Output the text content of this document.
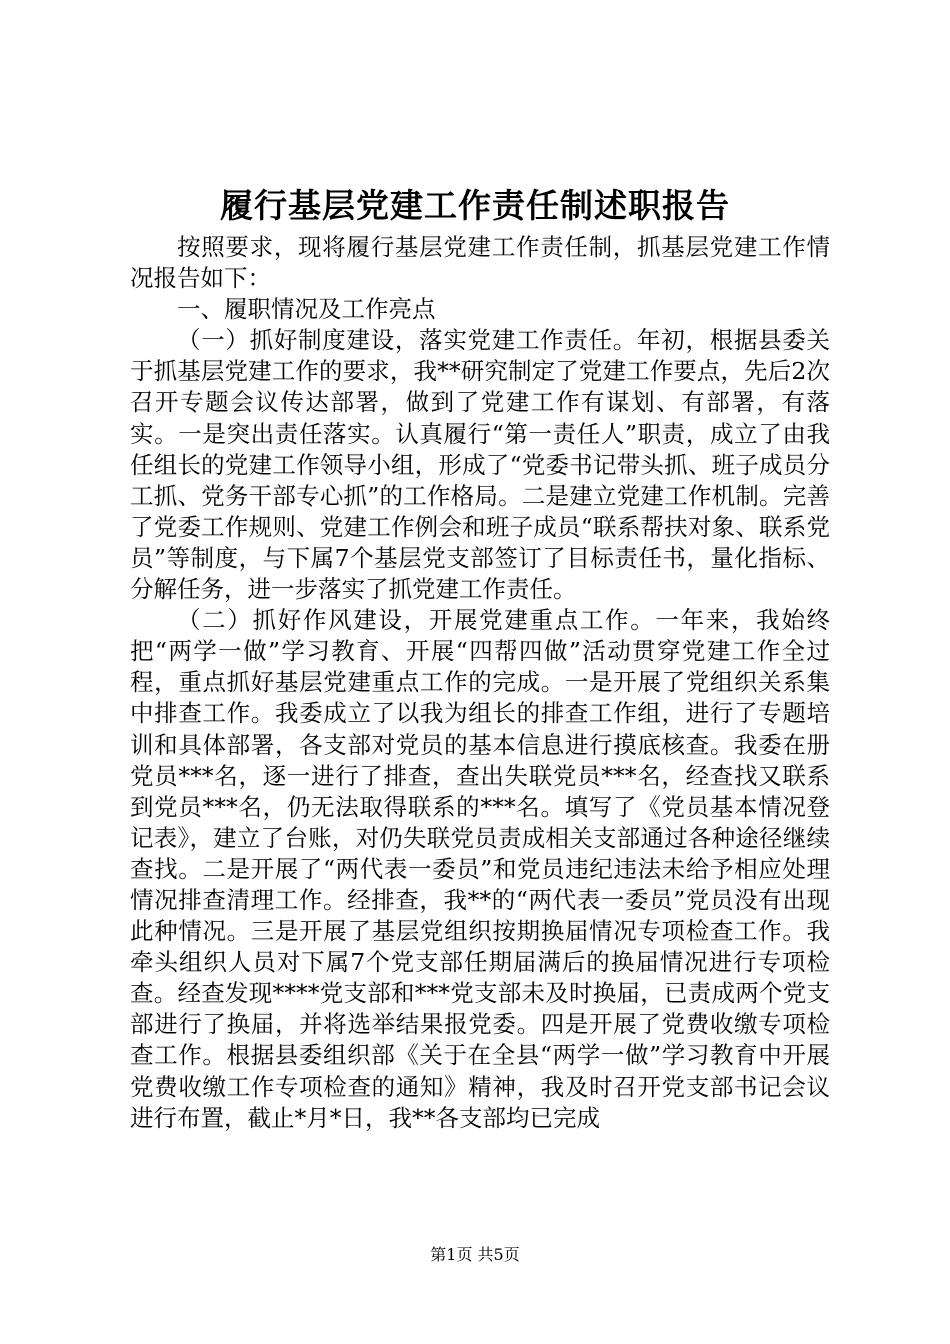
履行基层党建工作责任制述职报告

按照要求，现将履行基层党建工作责任制，抓基层党建工作情况报告如下：

一、履职情况及工作亮点

（一）抓好制度建设，落实党建工作责任。年初，根据县委关于抓基层党建工作的要求，我**研究制定了党建工作要点，先后2次召开专题会议传达部署，做到了党建工作有谋划、有部署，有落实。一是突出责任落实。认真履行“第一责任人”职责，成立了由我任组长的党建工作领导小组，形成了“党委书记带头抓、班子成员分工抓、党务干部专心抓”的工作格局。二是建立党建工作机制。完善了党委工作规则、党建工作例会和班子成员“联系帮扶对象、联系党员”等制度，与下属7个基层党支部签订了目标责任书，量化指标、分解任务，进一步落实了抓党建工作责任。

（二）抓好作风建设，开展党建重点工作。一年来，我始终把“两学一做”学习教育、开展“四帮四做”活动贯穿党建工作全过程，重点抓好基层党建重点工作的完成。一是开展了党组织关系集中排查工作。我委成立了以我为组长的排查工作组，进行了专题培训和具体部署，各支部对党员的基本信息进行摸底核查。我委在册党员***名，逐一进行了排查，查出失联党员***名，经查找又联系到党员***名，仍无法取得联系的***名。填写了《党员基本情况登记表》，建立了台账，对仍失联党员责成相关支部通过各种途径继续查找。二是开展了“两代表一委员”和党员违纪违法未给予相应处理情况排查清理工作。经排查，我**的“两代表一委员”党员没有出现此种情况。三是开展了基层党组织按期换届情况专项检查工作。我牵头组织人员对下属7个党支部任期届满后的换届情况进行专项检查。经查发现****党支部和***党支部未及时换届，已责成两个党支部进行了换届，并将选举结果报党委。四是开展了党费收缴专项检查工作。根据县委组织部《关于在全县“两学一做”学习教育中开展党费收缴工作专项检查的通知》精神，我及时召开党支部书记会议进行布置，截止*月*日，我**各支部均已完成

第1页 共5页
